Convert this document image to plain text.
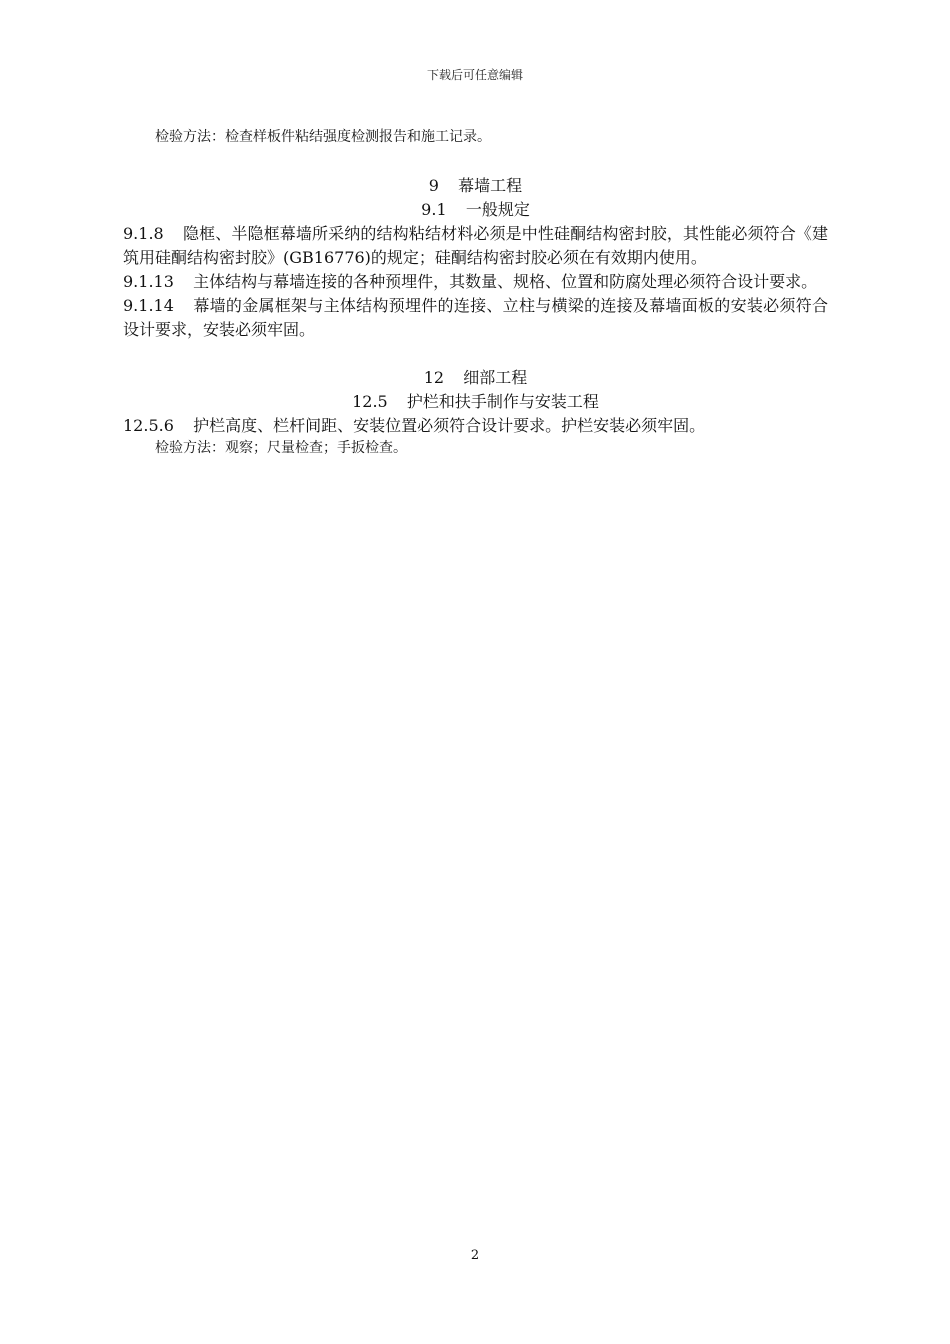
下载后可任意编辑

检验方法：检查样板件粘结强度检测报告和施工记录。

9 幕墙工程

9.1 一般规定

9.1.8 隐框、半隐框幕墙所采纳的结构粘结材料必须是中性硅酮结构密封胶，其性能必须符合《建筑用硅酮结构密封胶》(GB16776)的规定；硅酮结构密封胶必须在有效期内使用。

9.1.13 主体结构与幕墙连接的各种预埋件，其数量、规格、位置和防腐处理必须符合设计要求。

9.1.14 幕墙的金属框架与主体结构预埋件的连接、立柱与横梁的连接及幕墙面板的安装必须符合设计要求，安装必须牢固。

12 细部工程

12.5 护栏和扶手制作与安装工程

12.5.6 护栏高度、栏杆间距、安装位置必须符合设计要求。护栏安装必须牢固。

检验方法：观察；尺量检查；手扳检查。

2
